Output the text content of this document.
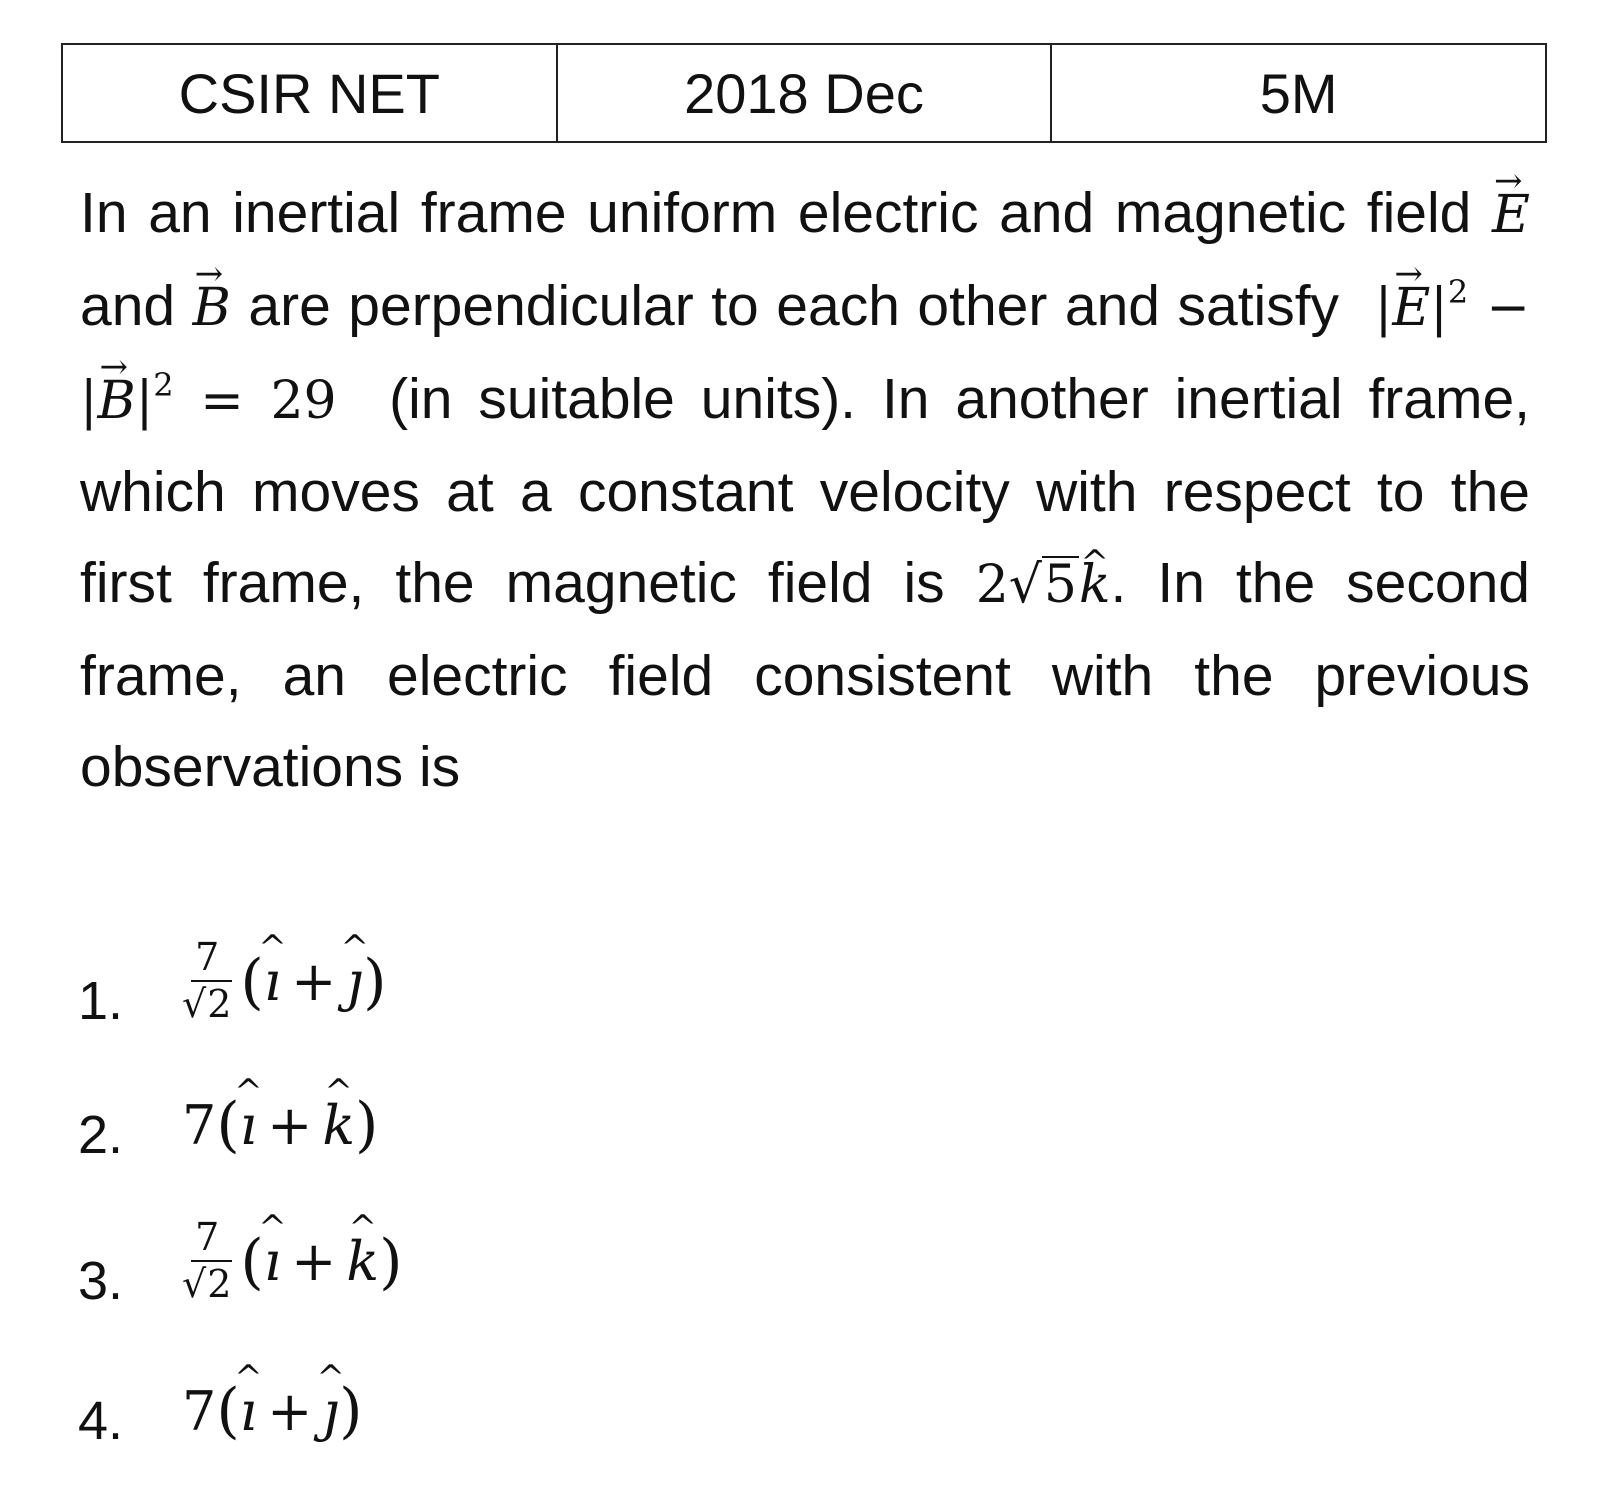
CSIR NET	2018 Dec	5M
In an inertial frame uniform electric and magnetic field → E and → B are perpendicular to each other and satisfy  |→ $E|^2$ − |→ $B|^2 = 29$ (in suitable units). In another inertial frame, which moves at a constant velocity with respect to the first frame, the magnetic field is 2√5^ k. In the second frame, an electric field consistent with the previous observations is
1. $\frac{7}{√2}$ ( ^ ı + ^ ȷ )
2. 7 ( ^ ı + ^ k )
3. $\frac{7}{√2}$ ( ^ ı + ^ k )
4. 7 ( ^ ı + ^ ȷ )
